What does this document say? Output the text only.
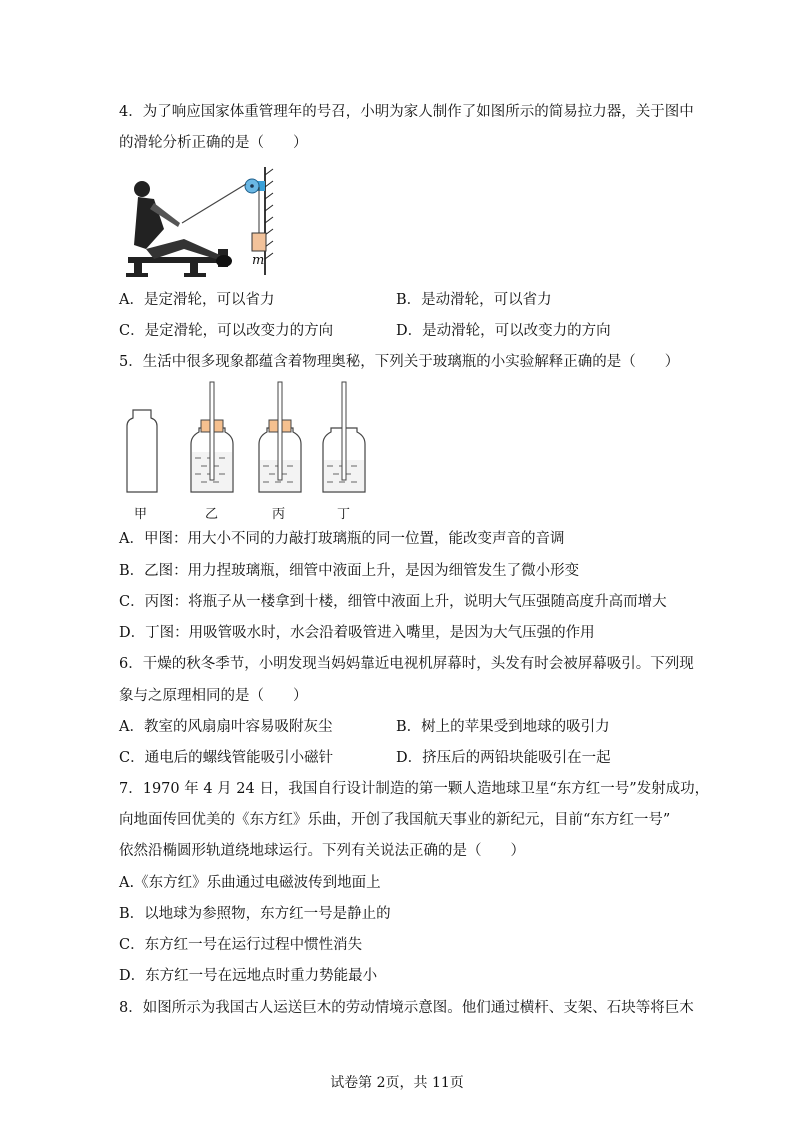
4．为了响应国家体重管理年的号召，小明为家人制作了如图所示的简易拉力器，关于图中
的滑轮分析正确的是（　　）
m
A．是定滑轮，可以省力	B．是动滑轮，可以省力
C．是定滑轮，可以改变力的方向	D．是动滑轮，可以改变力的方向
5．生活中很多现象都蕴含着物理奥秘，下列关于玻璃瓶的小实验解释正确的是（　　）
甲	乙	丙	丁
A．甲图：用大小不同的力敲打玻璃瓶的同一位置，能改变声音的音调
B．乙图：用力捏玻璃瓶，细管中液面上升，是因为细管发生了微小形变
C．丙图：将瓶子从一楼拿到十楼，细管中液面上升，说明大气压强随高度升高而增大
D．丁图：用吸管吸水时，水会沿着吸管进入嘴里，是因为大气压强的作用
6．干燥的秋冬季节，小明发现当妈妈靠近电视机屏幕时，头发有时会被屏幕吸引。下列现
象与之原理相同的是（　　）
A．教室的风扇扇叶容易吸附灰尘	B．树上的苹果受到地球的吸引力
C．通电后的螺线管能吸引小磁针	D．挤压后的两铅块能吸引在一起
7．1970 年 4 月 24 日，我国自行设计制造的第一颗人造地球卫星“东方红一号”发射成功，
向地面传回优美的《东方红》乐曲，开创了我国航天事业的新纪元，目前“东方红一号”
依然沿椭圆形轨道绕地球运行。下列有关说法正确的是（　　）
A.《东方红》乐曲通过电磁波传到地面上
B．以地球为参照物，东方红一号是静止的
C．东方红一号在运行过程中惯性消失
D．东方红一号在远地点时重力势能最小
8．如图所示为我国古人运送巨木的劳动情境示意图。他们通过横杆、支架、石块等将巨木
试卷第 2页，共 11页
